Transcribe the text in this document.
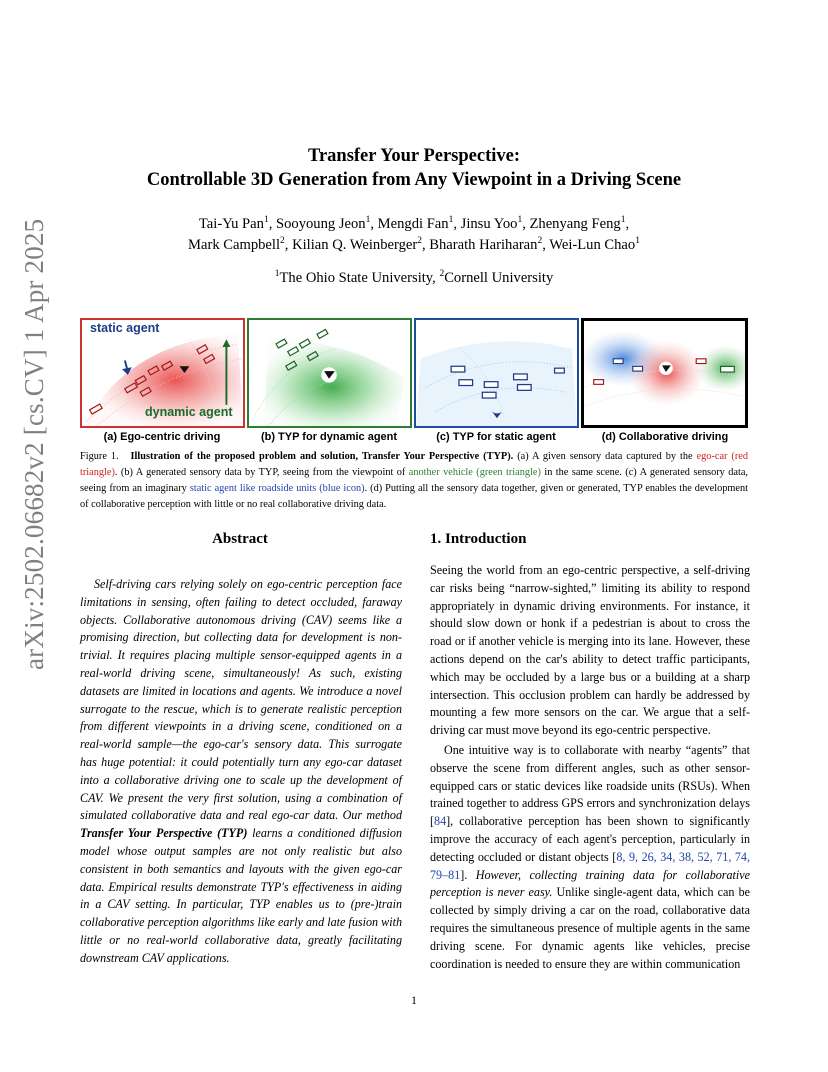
arXiv:2502.06682v2 [cs.CV] 1 Apr 2025
Transfer Your Perspective:
Controllable 3D Generation from Any Viewpoint in a Driving Scene
Tai-Yu Pan$^1$, Sooyoung Jeon$^1$, Mengdi Fan$^1$, Jinsu Yoo$^1$, Zhenyang Feng$^1$,
Mark Campbell$^2$, Kilian Q. Weinberger$^2$, Bharath Hariharan$^2$, Wei-Lun Chao$^1$
$^1$The Ohio State University, $^2$Cornell University
static agent
dynamic agent
(a) Ego-centric driving	(b) TYP for dynamic agent	(c) TYP for static agent	(d) Collaborative driving
Figure 1. Illustration of the proposed problem and solution, Transfer Your Perspective (TYP). (a) A given sensory data captured by the ego-car (red triangle). (b) A generated sensory data by TYP, seeing from the viewpoint of another vehicle (green triangle) in the same scene. (c) A generated sensory data, seeing from an imaginary static agent like roadside units (blue icon). (d) Putting all the sensory data together, given or generated, TYP enables the development of collaborative perception with little or no real collaborative driving data.
Abstract
Self-driving cars relying solely on ego-centric perception face limitations in sensing, often failing to detect occluded, faraway objects. Collaborative autonomous driving (CAV) seems like a promising direction, but collecting data for development is non-trivial. It requires placing multiple sensor-equipped agents in a real-world driving scene, simultaneously! As such, existing datasets are limited in locations and agents. We introduce a novel surrogate to the rescue, which is to generate realistic perception from different viewpoints in a driving scene, conditioned on a real-world sample—the ego-car's sensory data. This surrogate has huge potential: it could potentially turn any ego-car dataset into a collaborative driving one to scale up the development of CAV. We present the very first solution, using a combination of simulated collaborative data and real ego-car data. Our method Transfer Your Perspective (TYP) learns a conditioned diffusion model whose output samples are not only realistic but also consistent in both semantics and layouts with the given ego-car data. Empirical results demonstrate TYP's effectiveness in aiding in a CAV setting. In particular, TYP enables us to (pre-)train collaborative perception algorithms like early and late fusion with little or no real-world collaborative data, greatly facilitating downstream CAV applications.
1. Introduction
Seeing the world from an ego-centric perspective, a self-driving car risks being “narrow-sighted,” limiting its ability to respond appropriately in dynamic driving environments. For instance, it should slow down or honk if a pedestrian is about to cross the road or if another vehicle is merging into its lane. However, these actions depend on the car's ability to detect traffic participants, which may be occluded by a large bus or a building at a sharp intersection. This occlusion problem can hardly be addressed by mounting a few more sensors on the car. We argue that a self-driving car must move beyond its ego-centric perspective.
One intuitive way is to collaborate with nearby “agents” that observe the scene from different angles, such as other sensor-equipped cars or static devices like roadside units (RSUs). When trained together to address GPS errors and synchronization delays [84], collaborative perception has been shown to significantly improve the accuracy of each agent's perception, particularly in detecting occluded or distant objects [8, 9, 26, 34, 38, 52, 71, 74, 79–81]. However, collecting training data for collaborative perception is never easy. Unlike single-agent data, which can be collected by simply driving a car on the road, collaborative data requires the simultaneous presence of multiple agents in the same driving scene. For dynamic agents like vehicles, precise coordination is needed to ensure they are within communication
1
